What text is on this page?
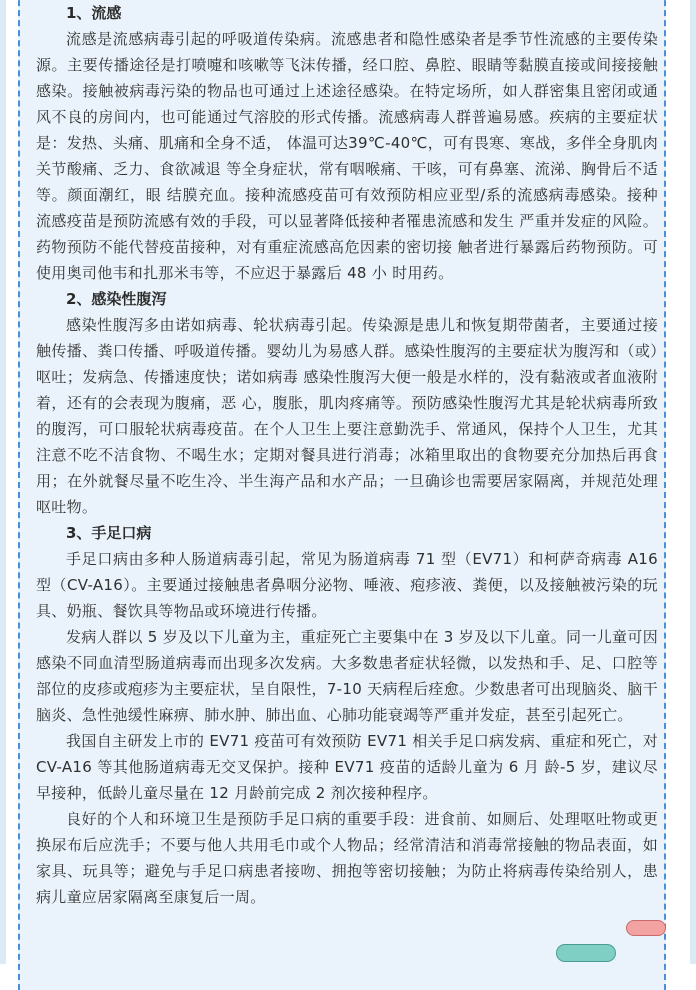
1、流感

流感是流感病毒引起的呼吸道传染病。流感患者和隐性感染者是季节性流感的主要传染源。主要传播途径是打喷嚏和咳嗽等飞沫传播，经口腔、鼻腔、眼睛等黏膜直接或间接接触感染。接触被病毒污染的物品也可通过上述途径感染。在特定场所，如人群密集且密闭或通风不良的房间内，也可能通过气溶胶的形式传播。流感病毒人群普遍易感。疾病的主要症状是：发热、头痛、肌痛和全身不适， 体温可达39℃-40℃，可有畏寒、寒战，多伴全身肌肉关节酸痛、乏力、食欲减退 等全身症状，常有咽喉痛、干咳，可有鼻塞、流涕、胸骨后不适等。颜面潮红，眼 结膜充血。接种流感疫苗可有效预防相应亚型/系的流感病毒感染。接种流感疫苗是预防流感有效的手段，可以显著降低接种者罹患流感和发生 严重并发症的风险。药物预防不能代替疫苗接种，对有重症流感高危因素的密切接 触者进行暴露后药物预防。可使用奥司他韦和扎那米韦等，不应迟于暴露后 48 小 时用药。

2、感染性腹泻

感染性腹泻多由诺如病毒、轮状病毒引起。传染源是患儿和恢复期带菌者，主要通过接触传播、粪口传播、呼吸道传播。婴幼儿为易感人群。感染性腹泻的主要症状为腹泻和（或）呕吐；发病急、传播速度快；诺如病毒 感染性腹泻大便一般是水样的，没有黏液或者血液附着，还有的会表现为腹痛，恶 心，腹胀，肌肉疼痛等。预防感染性腹泻尤其是轮状病毒所致的腹泻，可口服轮状病毒疫苗。在个人卫生上要注意勤洗手、常通风，保持个人卫生，尤其注意不吃不洁食物、不喝生水；定期对餐具进行消毒；冰箱里取出的食物要充分加热后再食用；在外就餐尽量不吃生冷、半生海产品和水产品；一旦确诊也需要居家隔离，并规范处理呕吐物。

3、手足口病

手足口病由多种人肠道病毒引起，常见为肠道病毒 71 型（EV71）和柯萨奇病毒 A16 型（CV-A16）。主要通过接触患者鼻咽分泌物、唾液、疱疹液、粪便，以及接触被污染的玩具、奶瓶、餐饮具等物品或环境进行传播。

发病人群以 5 岁及以下儿童为主，重症死亡主要集中在 3 岁及以下儿童。同一儿童可因感染不同血清型肠道病毒而出现多次发病。大多数患者症状轻微，以发热和手、足、口腔等部位的皮疹或疱疹为主要症状，呈自限性，7-10 天病程后痊愈。少数患者可出现脑炎、脑干脑炎、急性弛缓性麻痹、肺水肿、肺出血、心肺功能衰竭等严重并发症，甚至引起死亡。

我国自主研发上市的 EV71 疫苗可有效预防 EV71 相关手足口病发病、重症和死亡，对 CV-A16 等其他肠道病毒无交叉保护。接种 EV71 疫苗的适龄儿童为 6 月 龄-5 岁，建议尽早接种，低龄儿童尽量在 12 月龄前完成 2 剂次接种程序。

良好的个人和环境卫生是预防手足口病的重要手段：进食前、如厕后、处理呕吐物或更换尿布后应洗手；不要与他人共用毛巾或个人物品；经常清洁和消毒常接触的物品表面，如家具、玩具等；避免与手足口病患者接吻、拥抱等密切接触；为防止将病毒传染给别人，患病儿童应居家隔离至康复后一周。
